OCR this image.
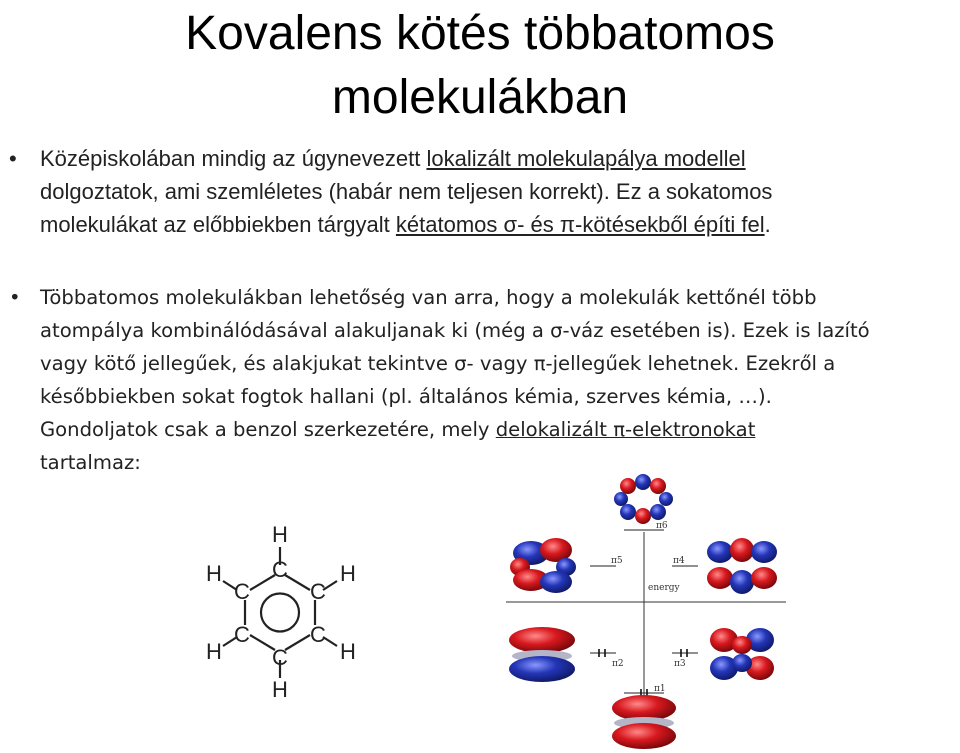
Kovalens kötés többatomos
molekulákban
• Középiskolában mindig az úgynevezett lokalizált molekulapálya modellel
dolgoztatok, ami szemléletes (habár nem teljesen korrekt). Ez a sokatomos
molekulákat az előbbiekben tárgyalt kétatomos σ- és π-kötésekből építi fel.
• Többatomos molekulákban lehetőség van arra, hogy a molekulák kettőnél több
atompálya kombinálódásával alakuljanak ki (még a σ-váz esetében is). Ezek is lazító
vagy kötő jellegűek, és alakjukat tekintve σ- vagy π-jellegűek lehetnek. Ezekről a
későbbiekben sokat fogtok hallani (pl. általános kémia, szerves kémia, …).
Gondoljatok csak a benzol szerkezetére, mely delokalizált π-elektronokat
tartalmaz:
H
C
C
C
C
C
C
H
H
H
H
H
energy
π6
π5	π4
π3
π2
π1
